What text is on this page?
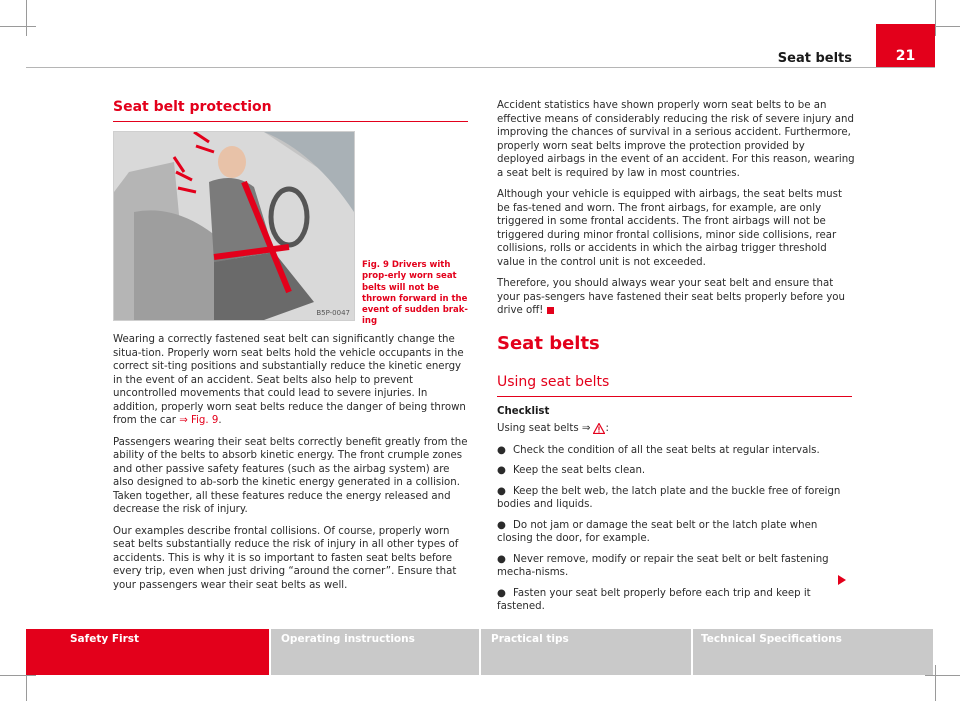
21
Seat belts
Seat belt protection
B5P-0047
Fig. 9 Drivers with prop-erly worn seat belts will not be thrown forward in the event of sudden brak-ing

Wearing a correctly fastened seat belt can significantly change the situa-tion. Properly worn seat belts hold the vehicle occupants in the correct sit-ting positions and substantially reduce the kinetic energy in the event of an accident. Seat belts also help to prevent uncontrolled movements that could lead to severe injuries. In addition, properly worn seat belts reduce the danger of being thrown from the car ⇒ Fig. 9.

Passengers wearing their seat belts correctly benefit greatly from the ability of the belts to absorb kinetic energy. The front crumple zones and other passive safety features (such as the airbag system) are also designed to ab-sorb the kinetic energy generated in a collision. Taken together, all these features reduce the energy released and decrease the risk of injury.

Our examples describe frontal collisions. Of course, properly worn seat belts substantially reduce the risk of injury in all other types of accidents. This is why it is so important to fasten seat belts before every trip, even when just driving “around the corner”. Ensure that your passengers wear their seat belts as well.

Accident statistics have shown properly worn seat belts to be an effective means of considerably reducing the risk of severe injury and improving the chances of survival in a serious accident. Furthermore, properly worn seat belts improve the protection provided by deployed airbags in the event of an accident. For this reason, wearing a seat belt is required by law in most countries.

Although your vehicle is equipped with airbags, the seat belts must be fas-tened and worn. The front airbags, for example, are only triggered in some frontal accidents. The front airbags will not be triggered during minor frontal collisions, minor side collisions, rear collisions, rolls or accidents in which the airbag trigger threshold value in the control unit is not exceeded.

Therefore, you should always wear your seat belt and ensure that your pas-sengers have fastened their seat belts properly before you drive off!

Seat belts
Using seat belts
Checklist
Using seat belts ⇒ :
● Check the condition of all the seat belts at regular intervals.
● Keep the seat belts clean.
● Keep the belt web, the latch plate and the buckle free of foreign bodies and liquids.
● Do not jam or damage the seat belt or the latch plate when closing the door, for example.
● Never remove, modify or repair the seat belt or belt fastening mecha-nisms.
● Fasten your seat belt properly before each trip and keep it fastened.
Safety First	Operating instructions	Practical tips	Technical Specifications
